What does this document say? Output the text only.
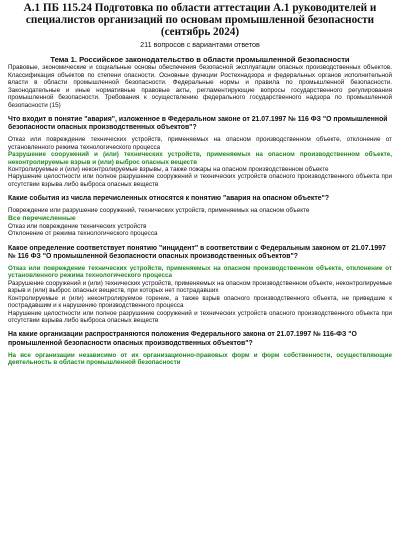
А.1 ПБ 115.24 Подготовка по области аттестации А.1 руководителей и специалистов организаций по основам промышленной безопасности (сентябрь 2024)

211 вопросов с вариантами ответов

Тема 1. Российское законодательство в области промышленной безопасности

Правовые, экономические и социальные основы обеспечения безопасной эксплуатации опасных производственных объектов. Классификация объектов по степени опасности. Основные функции Ростехнадзора и федеральных органов исполнительной власти в области промышленной безопасности. Федеральные нормы и правила по промышленной безопасности. Законодательные и иные нормативные правовые акты, регламентирующие вопросы государственного регулирования промышленной безопасности. Требования к осуществлению федерального государственного надзора по промышленной безопасности (15)

Что входит в понятие "авария", изложенное в Федеральном законе от 21.07.1997 № 116 ФЗ "О промышленной безопасности опасных производственных объектов"?

Отказ или повреждение технических устройств, применяемых на опасном производственном объекте, отклонение от установленного режима технологического процесса
Разрушение сооружений и (или) технических устройств, применяемых на опасном производственном объекте, неконтролируемые взрыв и (или) выброс опасных веществ
Контролируемые и (или) неконтролируемые взрывы, а также пожары на опасном производственном объекте
Нарушение целостности или полное разрушение сооружений и технических устройств опасного производственного объекта при отсутствии взрыва либо выброса опасных веществ

Какие события из числа перечисленных относятся к понятию "авария на опасном объекте"?

Повреждение или разрушение сооружений, технических устройств, применяемых на опасном объекте
Все перечисленные
Отказ или повреждение технических устройств
Отклонение от режима технологического процесса

Какое определение соответствует понятию "инцидент" в соответствии с Федеральным законом от 21.07.1997 № 116 ФЗ "О промышленной безопасности опасных производственных объектов"?

Отказ или повреждение технических устройств, применяемых на опасном производственном объекте, отклонение от установленного режима технологического процесса
Разрушение сооружений и (или) технических устройств, применяемых на опасном производственном объекте, неконтролируемые взрыв и (или) выброс опасных веществ, при которых нет пострадавших
Контролируемые и (или) неконтролируемое горение, а также взрыв опасного производственного объекта, не приведшие к пострадавшим и к нарушению производственного процесса
Нарушение целостности или полное разрушение сооружений и технических устройств опасного производственного объекта при отсутствии взрыва либо выброса опасных веществ

На какие организации распространяются положения Федерального закона от 21.07.1997 № 116-ФЗ "О промышленной безопасности опасных производственных объектов"?

На все организации независимо от их организационно-правовых форм и форм собственности, осуществляющие деятельность в области промышленной безопасности
